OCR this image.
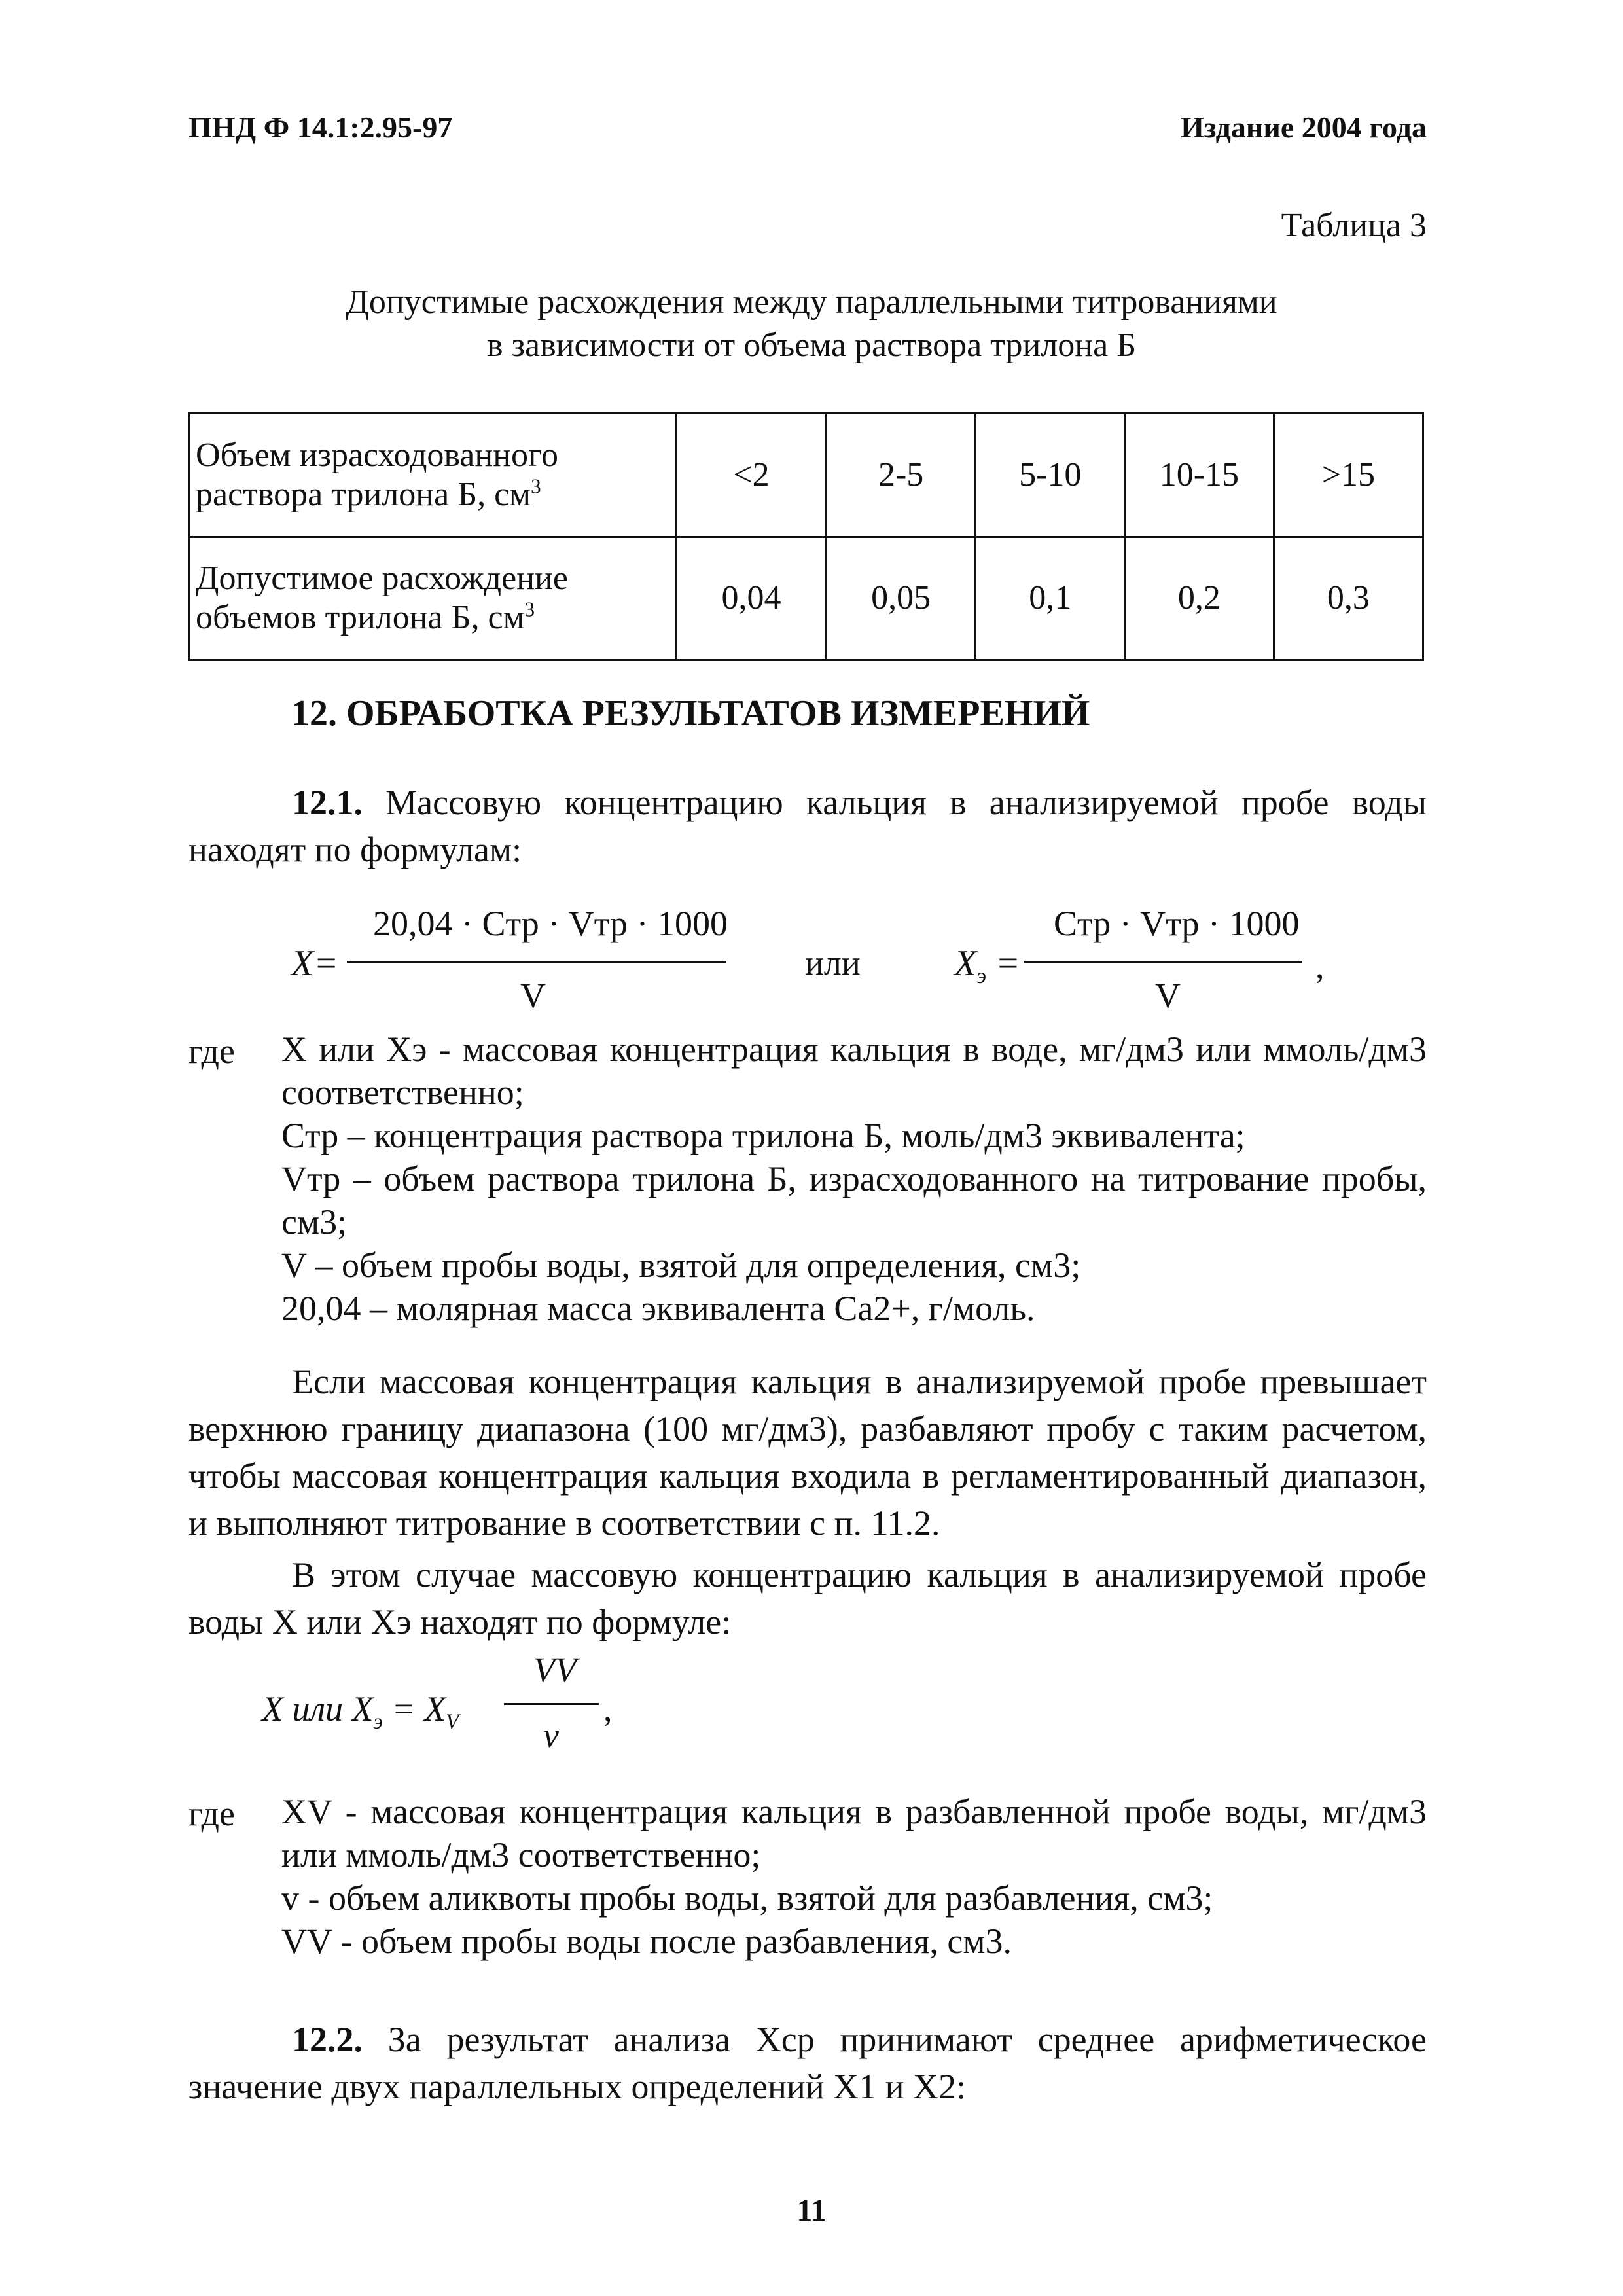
ПНД Ф 14.1:2.95-97	Издание 2004 года
Таблица 3
Допустимые расхождения между параллельными титрованиями
в зависимости от объема раствора трилона Б
Объем израсходованного раствора трилона Б, $см^3$	<2	2-5	5-10	10-15	>15
Допустимое расхождение объемов трилона Б, $см^3$	0,04	0,05	0,1	0,2	0,3
12. ОБРАБОТКА РЕЗУЛЬТАТОВ ИЗМЕРЕНИЙ
12.1. Массовую концентрацию кальция в анализируемой пробе воды находят по формулам:
X=
20,04 · Cтр · Vтр · 1000
V
или	$X_э$ =
Cтр · Vтр · 1000
V
,
где X или Xэ - массовая концентрация кальция в воде, мг/дм3 или ммоль/дм3 соответственно;
Cтр – концентрация раствора трилона Б, моль/дм3 эквивалента;
Vтр – объем раствора трилона Б, израсходованного на титрование пробы, см3;
V – объем пробы воды, взятой для определения, см3;
20,04 – молярная масса эквивалента Ca2+, г/моль.
Если массовая концентрация кальция в анализируемой пробе превышает верхнюю границу диапазона (100 мг/дм3), разбавляют пробу с таким расчетом, чтобы массовая концентрация кальция входила в регламентированный диапазон, и выполняют титрование в соответствии с п. 11.2.
В этом случае массовую концентрацию кальция в анализируемой пробе воды X или Xэ находят по формуле:
X или $X_э = X_V$
VV
v
,
где XV - массовая концентрация кальция в разбавленной пробе воды, мг/дм3 или ммоль/дм3 соответственно;
v - объем аликвоты пробы воды, взятой для разбавления, см3;
VV - объем пробы воды после разбавления, см3.
12.2. За результат анализа Xср принимают среднее арифметическое значение двух параллельных определений X1 и X2:
11
